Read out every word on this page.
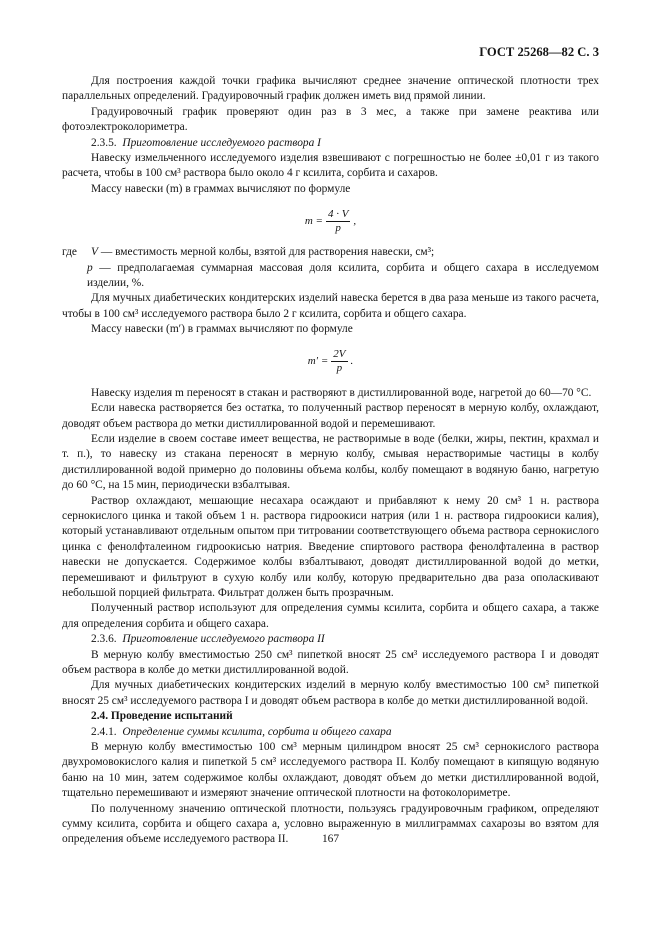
ГОСТ 25268—82 С. 3

Для построения каждой точки графика вычисляют среднее значение оптической плотности трех параллельных определений. Градуировочный график должен иметь вид прямой линии.

Градуировочный график проверяют один раз в 3 мес, а также при замене реактива или фотоэлектроколориметра.

2.3.5.  Приготовление исследуемого раствора I

Навеску измельченного исследуемого изделия взвешивают с погрешностью не более ±0,01 г из такого расчета, чтобы в 100 см³ раствора было около 4 г ксилита, сорбита и сахаров.

Массу навески (m) в граммах вычисляют по формуле

$m = \frac{4 \cdot V}{p}$ ,
где	V — вместимость мерной колбы, взятой для растворения навески, см³;
p — предполагаемая суммарная массовая доля ксилита, сорбита и общего сахара в исследуемом изделии, %.

Для мучных диабетических кондитерских изделий навеска берется в два раза меньше из такого расчета, чтобы в 100 см³ исследуемого раствора было 2 г ксилита, сорбита и общего сахара.

Массу навески (m′) в граммах вычисляют по формуле

$m' = \frac{2V}{p}$ .

Навеску изделия m переносят в стакан и растворяют в дистиллированной воде, нагретой до 60—70 °С.

Если навеска растворяется без остатка, то полученный раствор переносят в мерную колбу, охлаждают, доводят объем раствора до метки дистиллированной водой и перемешивают.

Если изделие в своем составе имеет вещества, не растворимые в воде (белки, жиры, пектин, крахмал и т. п.), то навеску из стакана переносят в мерную колбу, смывая нерастворимые частицы в колбу дистиллированной водой примерно до половины объема колбы, колбу помещают в водяную баню, нагретую до 60 °С, на 15 мин, периодически взбалтывая.

Раствор охлаждают, мешающие несахара осаждают и прибавляют к нему 20 см³ 1 н. раствора сернокислого цинка и такой объем 1 н. раствора гидроокиси натрия (или 1 н. раствора гидроокиси калия), который устанавливают отдельным опытом при титровании соответствующего объема раствора сернокислого цинка с фенолфталеином гидроокисью натрия. Введение спиртового раствора фенолфталеина в раствор навески не допускается. Содержимое колбы взбалтывают, доводят дистиллированной водой до метки, перемешивают и фильтруют в сухую колбу или колбу, которую предварительно два раза ополаскивают небольшой порцией фильтрата. Фильтрат должен быть прозрачным.

Полученный раствор используют для определения суммы ксилита, сорбита и общего сахара, а также для определения сорбита и общего сахара.

2.3.6.  Приготовление исследуемого раствора II

В мерную колбу вместимостью 250 см³ пипеткой вносят 25 см³ исследуемого раствора I и доводят объем раствора в колбе до метки дистиллированной водой.

Для мучных диабетических кондитерских изделий в мерную колбу вместимостью 100 см³ пипеткой вносят 25 см³ исследуемого раствора I и доводят объем раствора в колбе до метки дистиллированной водой.

2.4. Проведение испытаний

2.4.1.  Определение суммы ксилита, сорбита и общего сахара

В мерную колбу вместимостью 100 см³ мерным цилиндром вносят 25 см³ сернокислого раствора двухромовокислого калия и пипеткой 5 см³ исследуемого раствора II. Колбу помещают в кипящую водяную баню на 10 мин, затем содержимое колбы охлаждают, доводят объем до метки дистиллированной водой, тщательно перемешивают и измеряют значение оптической плотности на фотоколориметре.

По полученному значению оптической плотности, пользуясь градуировочным графиком, определяют сумму ксилита, сорбита и общего сахара a, условно выраженную в миллиграммах сахарозы во взятом для определения объеме исследуемого раствора II.	167
